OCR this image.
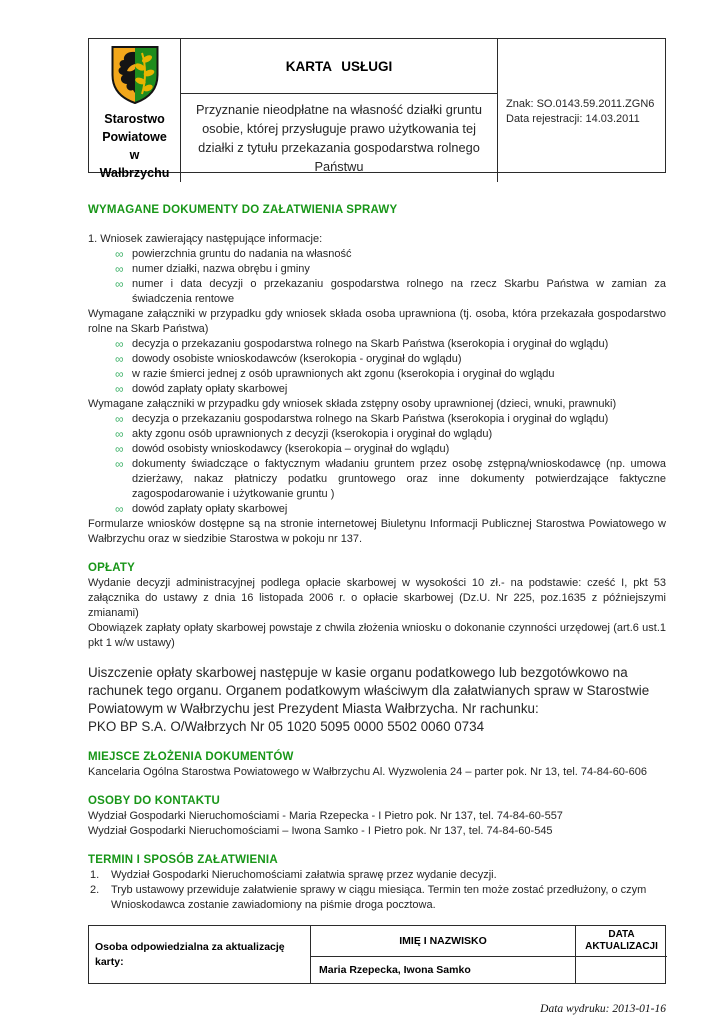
Starostwo
Powiatowe
w
Wałbrzychu
KARTA USŁUGI
Przyznanie nieodpłatne na własność działki gruntu osobie, której przysługuje prawo użytkowania tej działki z tytułu przekazania gospodarstwa rolnego Państwu
Znak: SO.0143.59.2011.ZGN6
Data rejestracji: 14.03.2011
WYMAGANE DOKUMENTY DO ZAŁATWIENIA SPRAWY
1. Wniosek zawierający następujące informacje:
∞ powierzchnia gruntu do nadania na własność
∞ numer działki, nazwa obrębu i gminy
∞ numer i data decyzji o przekazaniu gospodarstwa rolnego na rzecz Skarbu Państwa w zamian za świadczenia rentowe
Wymagane załączniki w przypadku gdy wniosek składa osoba uprawniona (tj. osoba, która przekazała gospodarstwo rolne na Skarb Państwa)
∞ decyzja o przekazaniu gospodarstwa rolnego na Skarb Państwa (kserokopia i oryginał do wglądu)
∞ dowody osobiste wnioskodawców (kserokopia - oryginał do wglądu)
∞ w razie śmierci jednej z osób uprawnionych akt zgonu (kserokopia i oryginał do wglądu
∞ dowód zapłaty opłaty skarbowej
Wymagane załączniki w przypadku gdy wniosek składa zstępny osoby uprawnionej (dzieci, wnuki, prawnuki)
∞ decyzja o przekazaniu gospodarstwa rolnego na Skarb Państwa (kserokopia i oryginał do wglądu)
∞ akty zgonu osób uprawnionych z decyzji (kserokopia i oryginał do wglądu)
∞ dowód osobisty wnioskodawcy (kserokopia – oryginał do wglądu)
∞ dokumenty świadczące o faktycznym władaniu gruntem przez osobę zstępną/wnioskodawcę (np. umowa dzierżawy, nakaz płatniczy podatku gruntowego oraz inne dokumenty potwierdzające faktyczne zagospodarowanie i użytkowanie gruntu )
∞ dowód zapłaty opłaty skarbowej
Formularze wniosków dostępne są na stronie internetowej Biuletynu Informacji Publicznej Starostwa Powiatowego w Wałbrzychu oraz w siedzibie Starostwa w pokoju nr 137.
OPŁATY
Wydanie decyzji administracyjnej podlega opłacie skarbowej w wysokości 10 zł.- na podstawie: cześć I, pkt 53 załącznika do ustawy z dnia 16 listopada 2006 r. o opłacie skarbowej (Dz.U. Nr 225, poz.1635 z późniejszymi zmianami)
Obowiązek zapłaty opłaty skarbowej powstaje z chwila złożenia wniosku o dokonanie czynności urzędowej (art.6 ust.1 pkt 1 w/w ustawy)
Uiszczenie opłaty skarbowej następuje w kasie organu podatkowego lub bezgotówkowo na rachunek tego organu. Organem podatkowym właściwym dla załatwianych spraw w Starostwie Powiatowym w Wałbrzychu jest Prezydent Miasta Wałbrzycha. Nr rachunku:
PKO BP S.A. O/Wałbrzych Nr 05 1020 5095 0000 5502 0060 0734
MIEJSCE ZŁOŻENIA DOKUMENTÓW
Kancelaria Ogólna Starostwa Powiatowego w Wałbrzychu Al. Wyzwolenia 24 – parter pok. Nr 13, tel. 74-84-60-606
OSOBY DO KONTAKTU
Wydział Gospodarki Nieruchomościami - Maria Rzepecka - I Pietro pok. Nr 137, tel. 74-84-60-557
Wydział Gospodarki Nieruchomościami – Iwona Samko - I Pietro pok. Nr 137, tel. 74-84-60-545
TERMIN I SPOSÓB ZAŁATWIENIA
1.	Wydział Gospodarki Nieruchomościami załatwia sprawę przez wydanie decyzji.
2.	Tryb ustawowy przewiduje załatwienie sprawy w ciągu miesiąca. Termin ten może zostać przedłużony, o czym Wnioskodawca zostanie zawiadomiony na piśmie droga pocztowa.
Osoba odpowiedzialna za aktualizację karty:
IMIĘ I NAZWISKO	DATA AKTUALIZACJI
Maria Rzepecka, Iwona Samko
Data wydruku: 2013-01-16
